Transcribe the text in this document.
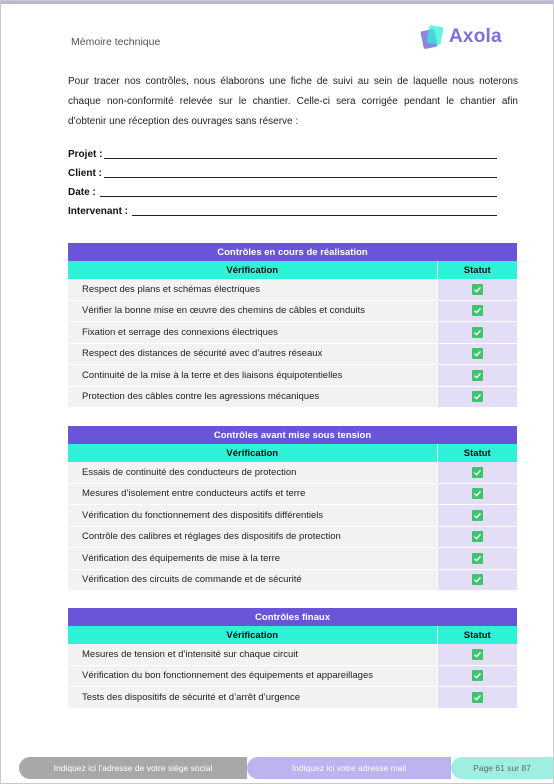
Mémoire technique	Axola
Pour tracer nos contrôles, nous élaborons une fiche de suivi au sein de laquelle nous noterons chaque non-conformité relevée sur le chantier. Celle-ci sera corrigée pendant le chantier afin d’obtenir une réception des ouvrages sans réserve :
Projet :
Client :
Date :
Intervenant :
Contrôles en cours de réalisation	
Vérification	Statut
Respect des plans et schémas électriques	

Vérifier la bonne mise en œuvre des chemins de câbles et conduits	

Fixation et serrage des connexions électriques	

Respect des distances de sécurité avec d’autres réseaux	

Continuité de la mise à la terre et des liaisons équipotentielles	

Protection des câbles contre les agressions mécaniques	
Contrôles avant mise sous tension	
Vérification	Statut
Essais de continuité des conducteurs de protection	

Mesures d’isolement entre conducteurs actifs et terre	

Vérification du fonctionnement des dispositifs différentiels	

Contrôle des calibres et réglages des dispositifs de protection	

Vérification des équipements de mise à la terre	

Vérification des circuits de commande et de sécurité	
Contrôles finaux	
Vérification	Statut
Mesures de tension et d’intensité sur chaque circuit	

Vérification du bon fonctionnement des équipements et appareillages	

Tests des dispositifs de sécurité et d’arrêt d’urgence	
Indiquez ici l’adresse de votre siège social	Indiquez ici votre adresse mail	Page 61 sur 87
